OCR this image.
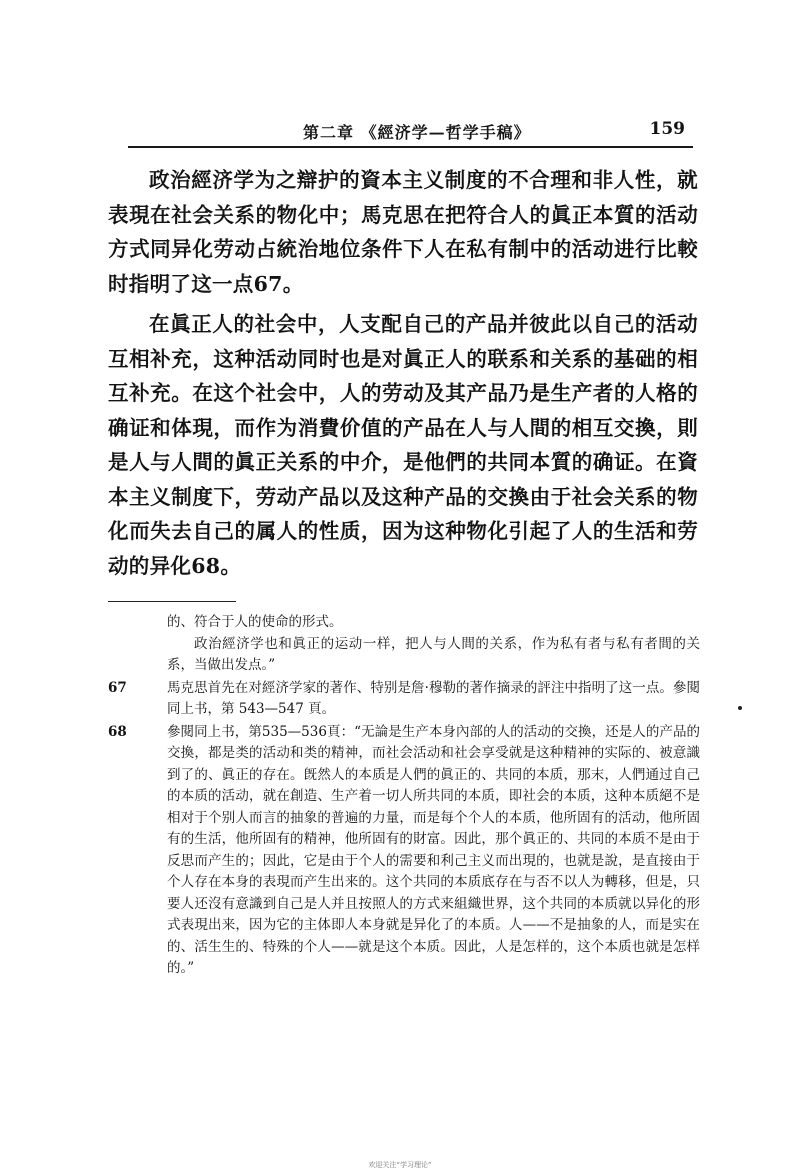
第二章 《經济学—哲学手稿》	159

政治經济学为之辯护的資本主义制度的不合理和非人性，就表現在社会关系的物化中；馬克思在把符合人的眞正本質的活动方式同异化劳动占統治地位条件下人在私有制中的活动进行比較时指明了这一点67。

在眞正人的社会中，人支配自己的产品并彼此以自己的活动互相补充，这种活动同时也是对眞正人的联系和关系的基础的相互补充。在这个社会中，人的劳动及其产品乃是生产者的人格的确证和体現，而作为消費价值的产品在人与人間的相互交換，則是人与人間的眞正关系的中介，是他們的共同本質的确证。在資本主义制度下，劳动产品以及这种产品的交換由于社会关系的物化而失去自己的属人的性质，因为这种物化引起了人的生活和劳动的异化68。

的、符合于人的使命的形式。

政治經济学也和眞正的运动一样，把人与人間的关系，作为私有者与私有者間的关系，当做出发点。”

67	馬克思首先在对經济学家的著作、特别是詹·穆勒的著作摘录的評注中指明了这一点。參閱同上书，第 543—547 頁。
68	參閱同上书，第535—536頁：“无論是生产本身內部的人的活动的交換，还是人的产品的交換，都是类的活动和类的精神，而社会活动和社会享受就是这种精神的实际的、被意識到了的、眞正的存在。旣然人的本质是人們的眞正的、共同的本质，那末，人們通过自己的本质的活动，就在創造、生产着一切人所共同的本质，即社会的本质，这种本质絕不是相对于个别人而言的抽象的普遍的力量，而是每个个人的本质，他所固有的活动，他所固有的生活，他所固有的精神，他所固有的財富。因此，那个眞正的、共同的本质不是由于反思而产生的；因此，它是由于个人的需要和利己主义而出現的，也就是說，是直接由于个人存在本身的表現而产生出来的。这个共同的本质底存在与否不以人为轉移，但是，只要人还沒有意識到自己是人并且按照人的方式来組織世界，这个共同的本质就以异化的形式表現出来，因为它的主体即人本身就是异化了的本质。人——不是抽象的人，而是实在的、活生生的、特殊的个人——就是这个本质。因此，人是怎样的，这个本质也就是怎样的。”
欢迎关注“学习理论”
